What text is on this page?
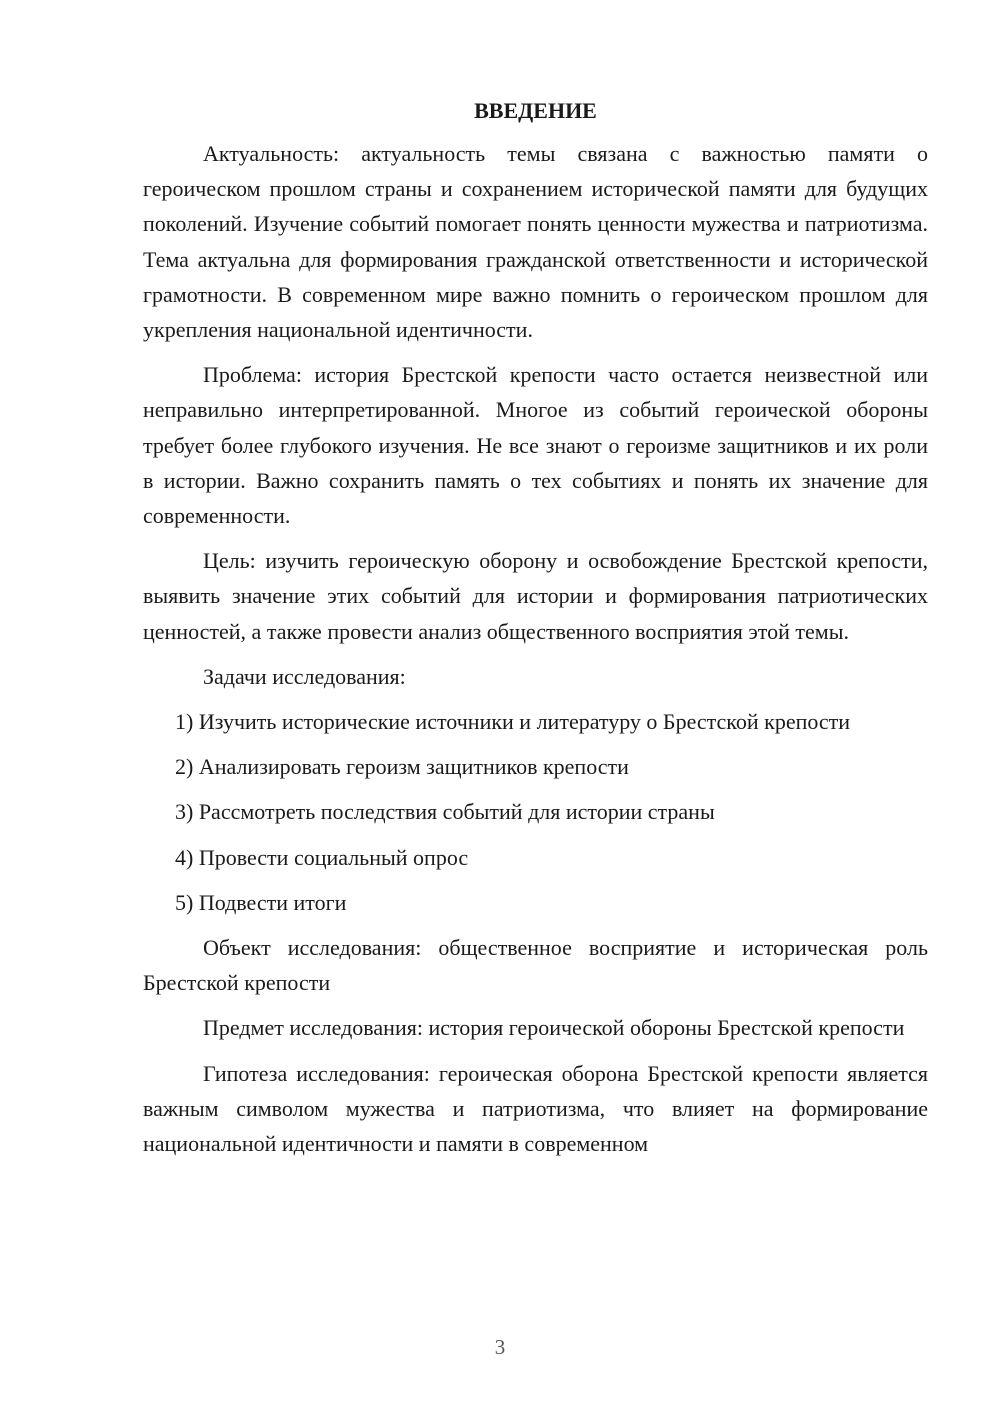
ВВЕДЕНИЕ

Актуальность: актуальность темы связана с важностью памяти о героическом прошлом страны и сохранением исторической памяти для будущих поколений. Изучение событий помогает понять ценности мужества и патриотизма. Тема актуальна для формирования гражданской ответственности и исторической грамотности. В современном мире важно помнить о героическом прошлом для укрепления национальной идентичности.

Проблема: история Брестской крепости часто остается неизвестной или неправильно интерпретированной. Многое из событий героической обороны требует более глубокого изучения. Не все знают о героизме защитников и их роли в истории. Важно сохранить память о тех событиях и понять их значение для современности.

Цель: изучить героическую оборону и освобождение Брестской крепости, выявить значение этих событий для истории и формирования патриотических ценностей, а также провести анализ общественного восприятия этой темы.

Задачи исследования:

1) Изучить исторические источники и литературу о Брестской крепости

2) Анализировать героизм защитников крепости

3) Рассмотреть последствия событий для истории страны

4) Провести социальный опрос

5) Подвести итоги

Объект исследования: общественное восприятие и историческая роль Брестской крепости

Предмет исследования: история героической обороны Брестской крепости

Гипотеза исследования: героическая оборона Брестской крепости является важным символом мужества и патриотизма, что влияет на формирование национальной идентичности и памяти в современном

3
